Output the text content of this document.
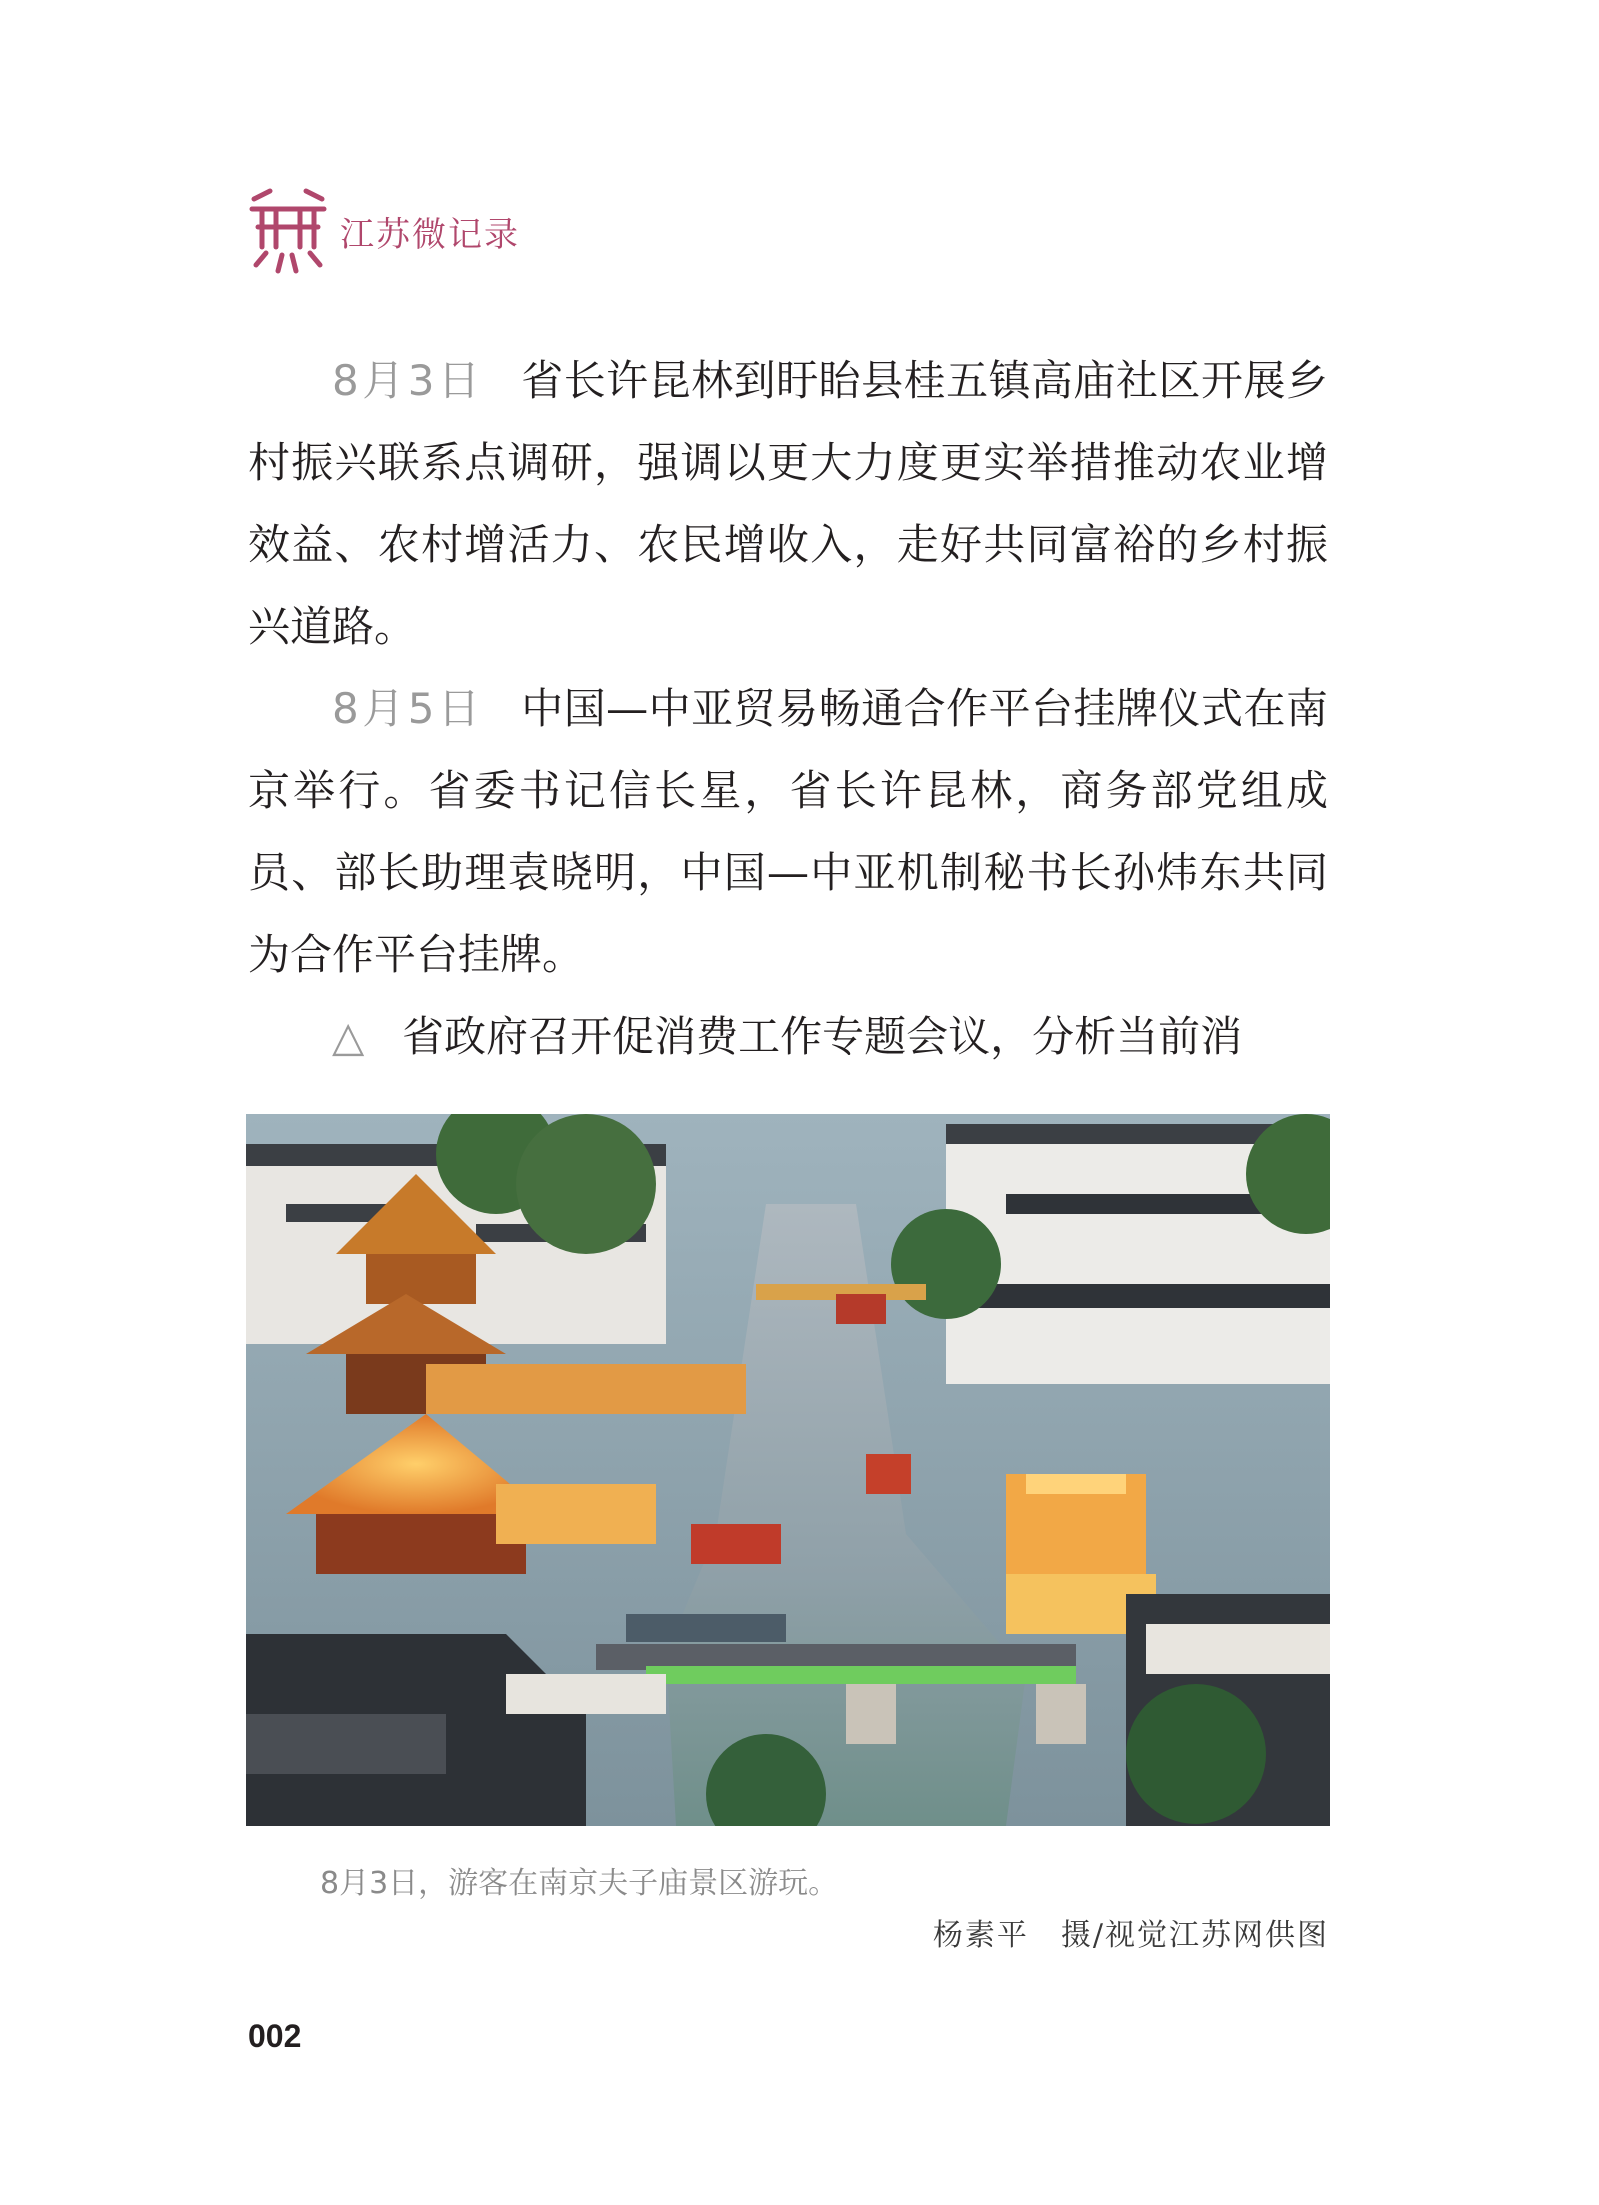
江苏微记录

8月3日 省长许昆林到盱眙县桂五镇高庙社区开展乡村振兴联系点调研，强调以更大力度更实举措推动农业增效益、农村增活力、农民增收入，走好共同富裕的乡村振兴道路。

8月5日 中国—中亚贸易畅通合作平台挂牌仪式在南京举行。省委书记信长星，省长许昆林，商务部党组成员、部长助理袁晓明，中国—中亚机制秘书长孙炜东共同为合作平台挂牌。

△ 省政府召开促消费工作专题会议，分析当前消

8月3日，游客在南京夫子庙景区游玩。
杨素平　摄/视觉江苏网供图
002
